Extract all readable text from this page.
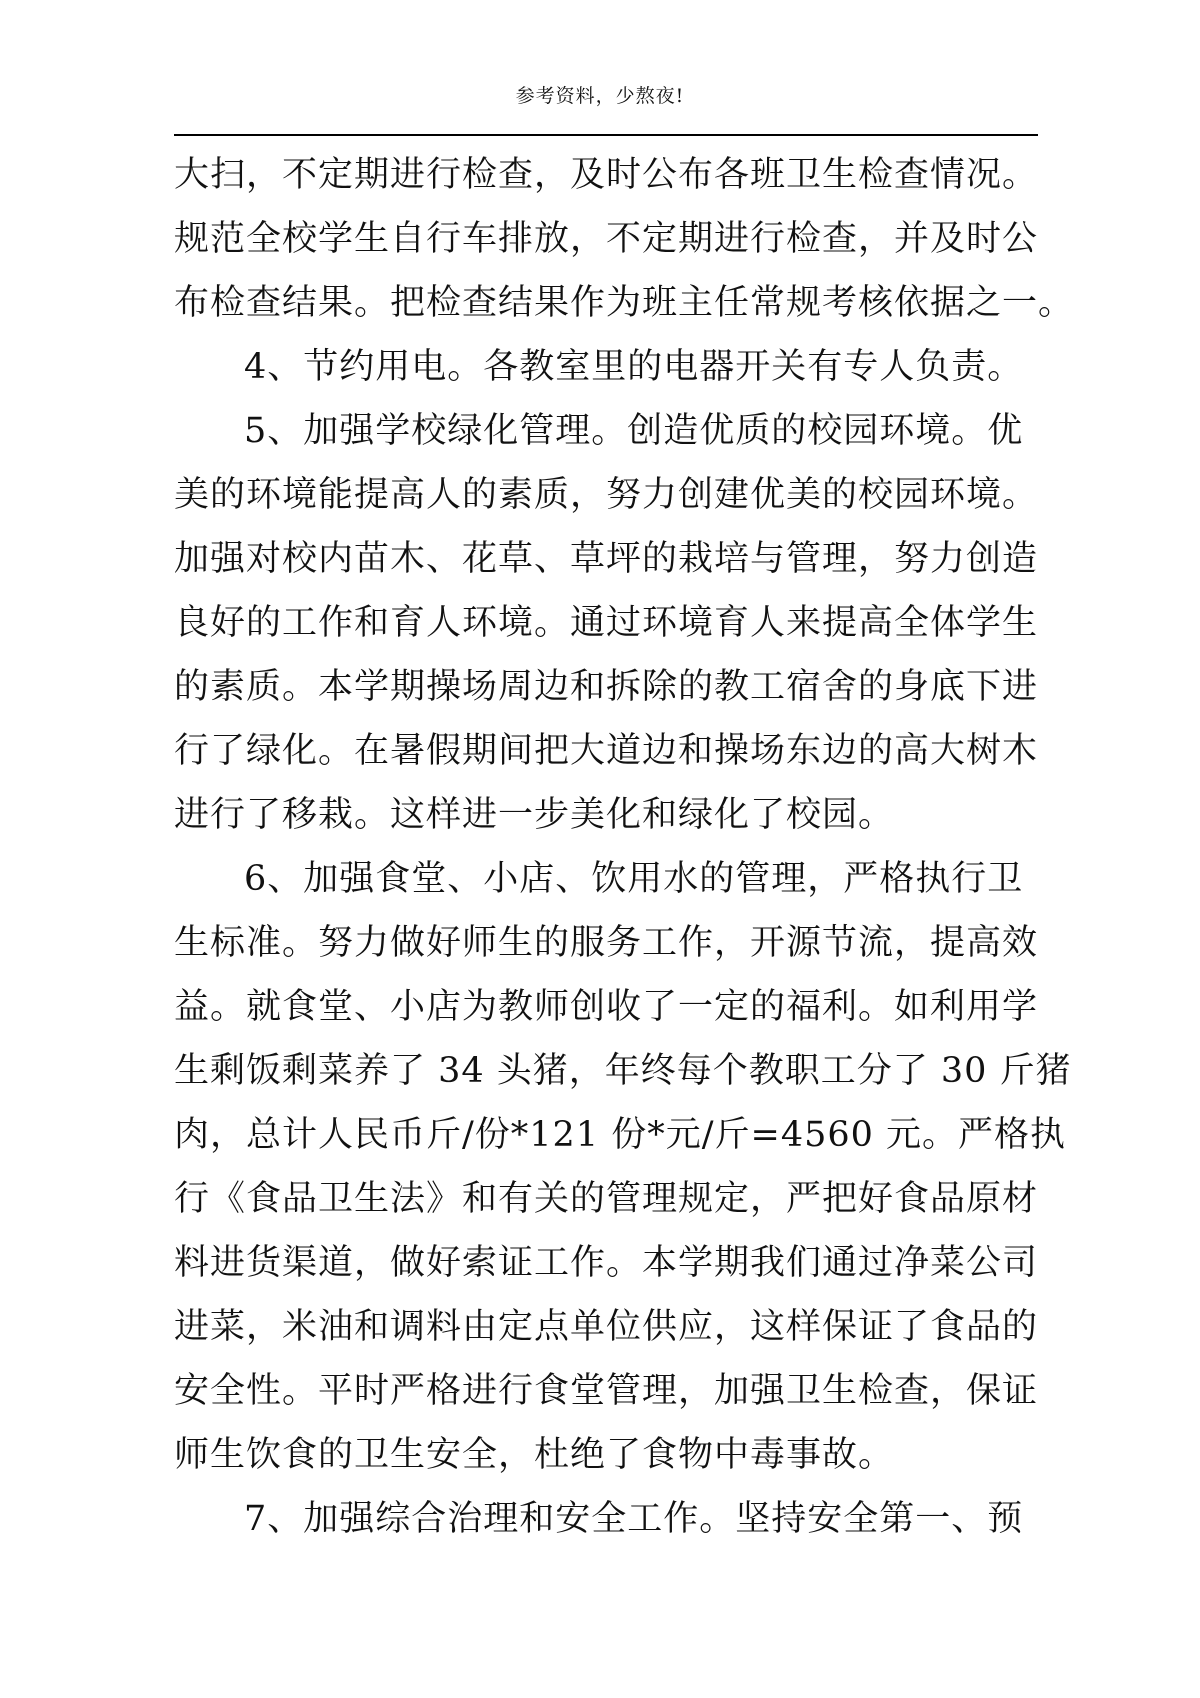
参考资料，少熬夜!
大扫，不定期进行检查，及时公布各班卫生检查情况。
规范全校学生自行车排放，不定期进行检查，并及时公
布检查结果。把检查结果作为班主任常规考核依据之一。
4、节约用电。各教室里的电器开关有专人负责。
5、加强学校绿化管理。创造优质的校园环境。优
美的环境能提高人的素质，努力创建优美的校园环境。
加强对校内苗木、花草、草坪的栽培与管理，努力创造
良好的工作和育人环境。通过环境育人来提高全体学生
的素质。本学期操场周边和拆除的教工宿舍的身底下进
行了绿化。在暑假期间把大道边和操场东边的高大树木
进行了移栽。这样进一步美化和绿化了校园。
6、加强食堂、小店、饮用水的管理，严格执行卫
生标准。努力做好师生的服务工作，开源节流，提高效
益。就食堂、小店为教师创收了一定的福利。如利用学
生剩饭剩菜养了 34 头猪，年终每个教职工分了 30 斤猪
肉，总计人民币斤/份*121 份*元/斤=4560 元。严格执
行《食品卫生法》和有关的管理规定，严把好食品原材
料进货渠道，做好索证工作。本学期我们通过净菜公司
进菜，米油和调料由定点单位供应，这样保证了食品的
安全性。平时严格进行食堂管理，加强卫生检查，保证
师生饮食的卫生安全，杜绝了食物中毒事故。
7、加强综合治理和安全工作。坚持安全第一、预
